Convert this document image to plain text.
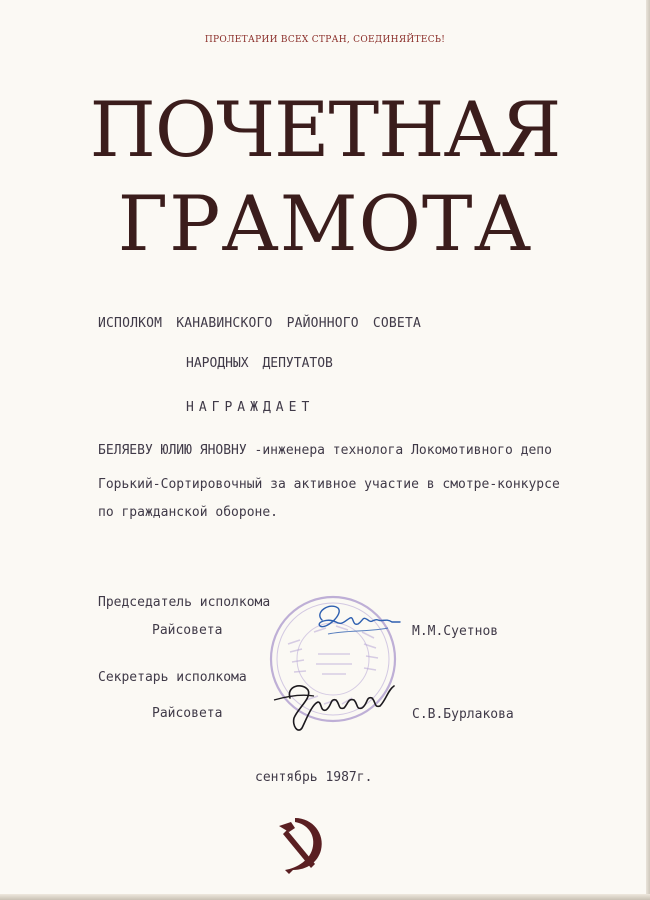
ПРОЛЕТАРИИ ВСЕХ СТРАН, СОЕДИНЯЙТЕСЬ!
ПОЧЕТНАЯ
ГРАМОТА
ИСПОЛКОМ КАНАВИНСКОГО РАЙОННОГО СОВЕТА
НАРОДНЫХ ДЕПУТАТОВ
НАГРАЖДАЕТ
БЕЛЯЕВУ ЮЛИЮ ЯНОВНУ -инженера технолога Локомотивного депо
Горький-Сортировочный за активное участие в смотре-конкурсе
по гражданской обороне.
Председатель исполкома
Райсовета	М.М.Суетнов
Секретарь исполкома
Райсовета	С.В.Бурлакова
сентябрь 1987г.
